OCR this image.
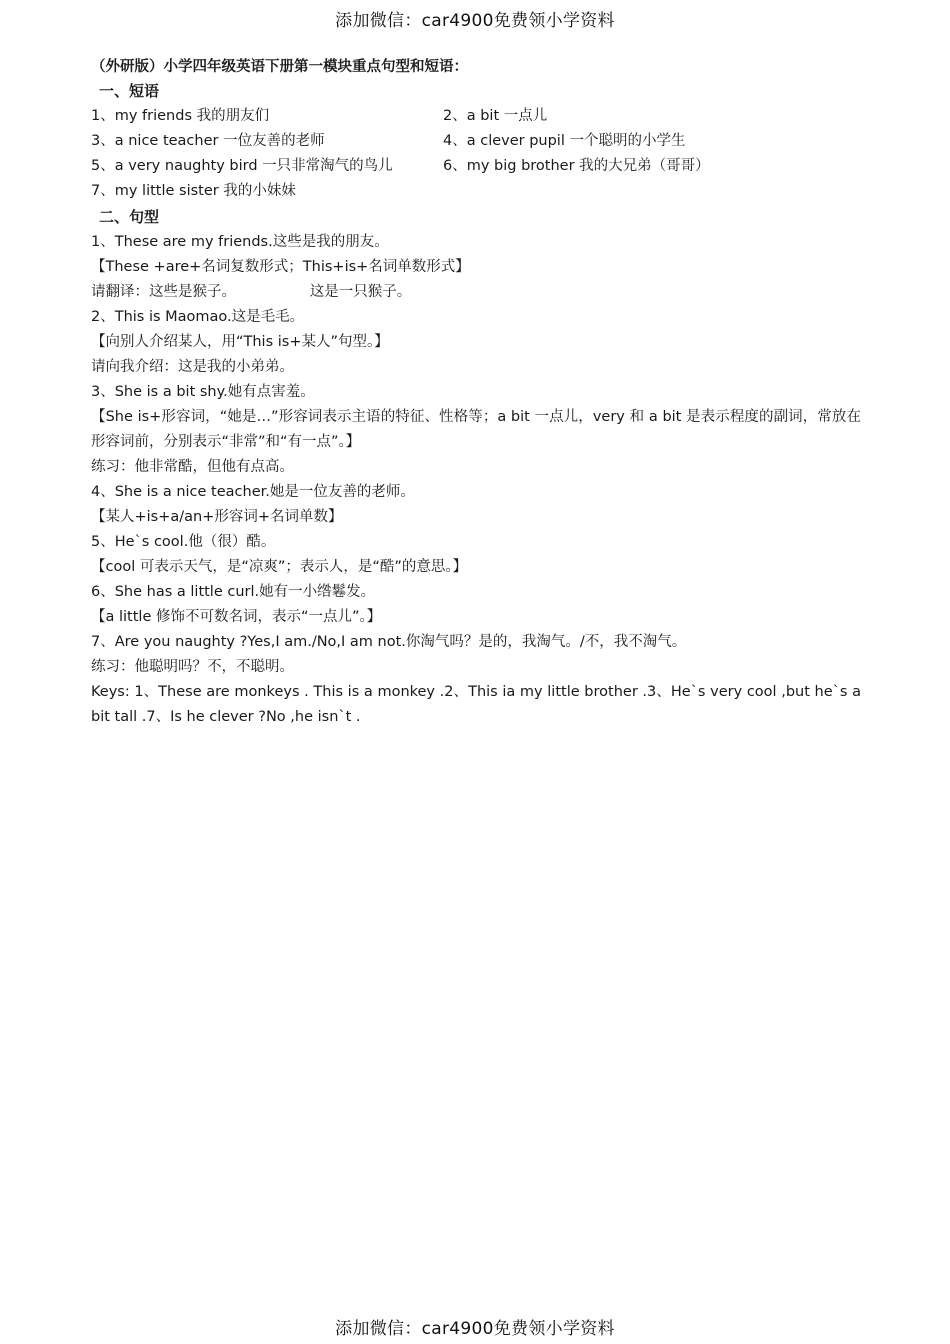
添加微信：car4900免费领小学资料
（外研版）小学四年级英语下册第一模块重点句型和短语：
一、短语
1、my friends 我的朋友们	2、a bit 一点儿
3、a nice teacher 一位友善的老师	4、a clever pupil 一个聪明的小学生
5、a very naughty bird 一只非常淘气的鸟儿	6、my big brother 我的大兄弟（哥哥）
7、my little sister 我的小妹妹
二、句型
1、These are my friends.这些是我的朋友。
【These +are+名词复数形式；This+is+名词单数形式】
请翻译：这些是猴子。                这是一只猴子。
2、This is Maomao.这是毛毛。
【向别人介绍某人，用“This is+某人”句型。】
请向我介绍：这是我的小弟弟。
3、She is a bit shy.她有点害羞。
【She is+形容词，“她是…”形容词表示主语的特征、性格等；a bit 一点儿，very 和 a bit 是表示程度的副词，常放在形容词前，分别表示“非常”和“有一点”。】
练习：他非常酷，但他有点高。
4、She is a nice teacher.她是一位友善的老师。
【某人+is+a/an+形容词+名词单数】
5、He`s cool.他（很）酷。
【cool 可表示天气，是“凉爽”；表示人，是“酷”的意思。】
6、She has a little curl.她有一小绺鬈发。
【a little 修饰不可数名词，表示“一点儿”。】
7、Are you naughty ?Yes,I am./No,I am not.你淘气吗？是的，我淘气。/不，我不淘气。
练习：他聪明吗？不，不聪明。
Keys: 1、These are monkeys . This is a monkey .2、This ia my little brother .3、He`s very cool ,but he`s a bit tall .7、Is he clever ?No ,he isn`t .
添加微信：car4900免费领小学资料
